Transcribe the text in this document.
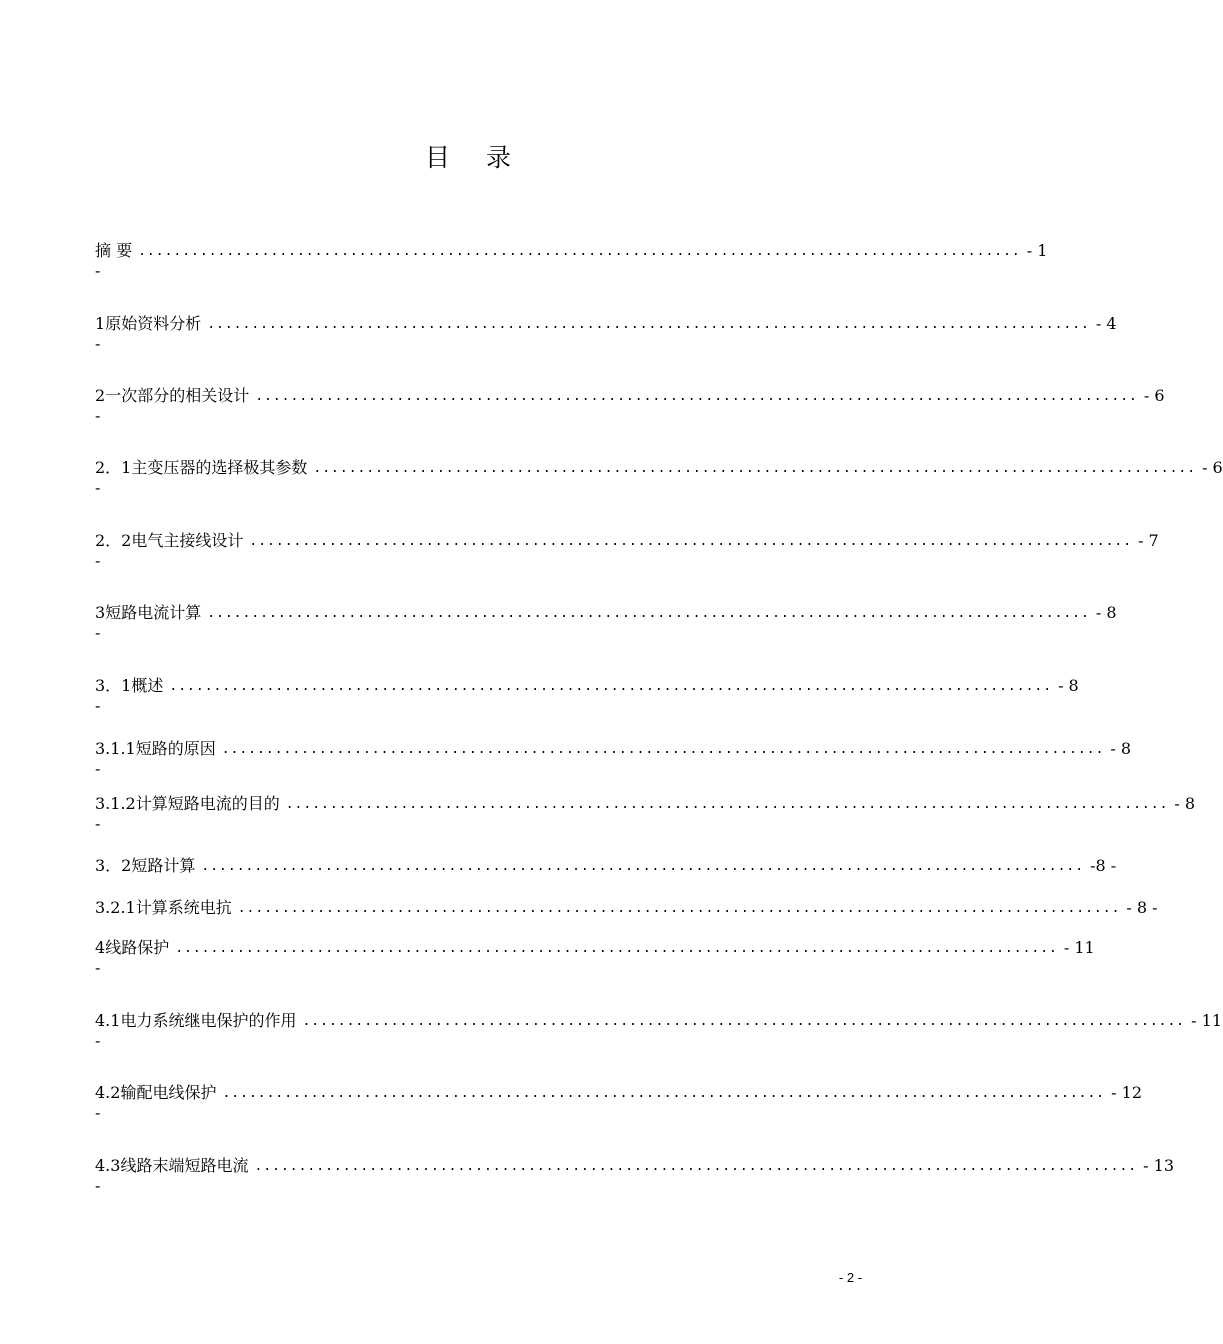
目 录
摘 要 .................................................................................................... - 1
-
1 原始资料分析 .................................................................................................... - 4
-
2 一次部分的相关设计 .................................................................................................... - 6
-
2．1 主变压器的选择极其参数 .................................................................................................... - 6
-
2．2 电气主接线设计 .................................................................................................... - 7
-
3 短路电流计算 .................................................................................................... - 8
-
3．1 概述 .................................................................................................... - 8
-
3.1.1 短路的原因 .................................................................................................... - 8
-
3.1.2 计算短路电流的目的 .................................................................................................... - 8
-
3．2 短路计算 .................................................................................................... -8 -
3.2.1 计算系统电抗 .................................................................................................... - 8 -
4 线路保护 .................................................................................................... - 11
-
4.1 电力系统继电保护的作用 .................................................................................................... - 11
-
4.2 输配电线保护 .................................................................................................... - 12
-
4.3 线路末端短路电流 .................................................................................................... - 13
-
- 2 -
